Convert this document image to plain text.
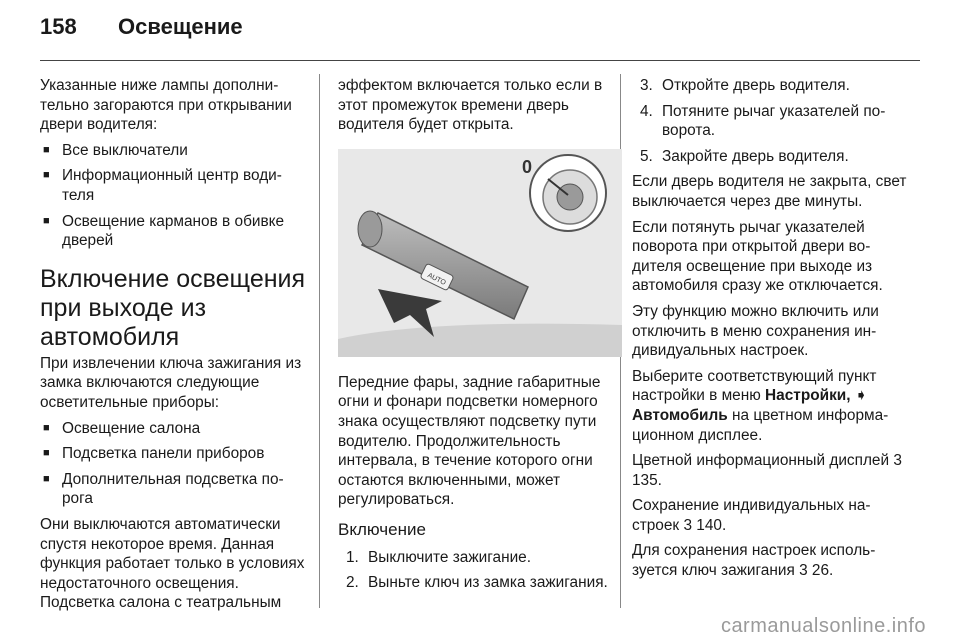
158	Освещение

Указанные ниже лампы дополнительно загораются при открывании двери водителя:

■ Все выключатели
■ Информационный центр водителя
■ Освещение карманов в обивке дверей
Включение освещения при выходе из автомобиля

При извлечении ключа зажигания из замка включаются следующие осветительные приборы:

■ Освещение салона
■ Подсветка панели приборов
■ Дополнительная подсветка порога

Они выключаются автоматически спустя некоторое время. Данная функция работает только в условиях недостаточного освещения. Подсветка салона с театральным

эффектом включается только если в этот промежуток времени дверь водителя будет открыта.

AUTO
0

Передние фары, задние габаритные огни и фонари подсветки номерного знака осуществляют подсветку пути водителю. Продолжительность интервала, в течение которого огни остаются включенными, может регулироваться.

Включение
1. Выключите зажигание.
2. Выньте ключ из замка зажигания.
3. Откройте дверь водителя.
4. Потяните рычаг указателей поворота.
5. Закройте дверь водителя.

Если дверь водителя не закрыта, свет выключается через две минуты.

Если потянуть рычаг указателей поворота при открытой двери водителя освещение при выходе из автомобиля сразу же отключается.

Эту функцию можно включить или отключить в меню сохранения индивидуальных настроек.

Выберите соответствующий пункт настройки в меню Настройки, ➧ Автомобиль на цветном информационном дисплее.

Цветной информационный дисплей 3 135.

Сохранение индивидуальных настроек 3 140.

Для сохранения настроек используется ключ зажигания 3 26.

carmanualsonline.info
